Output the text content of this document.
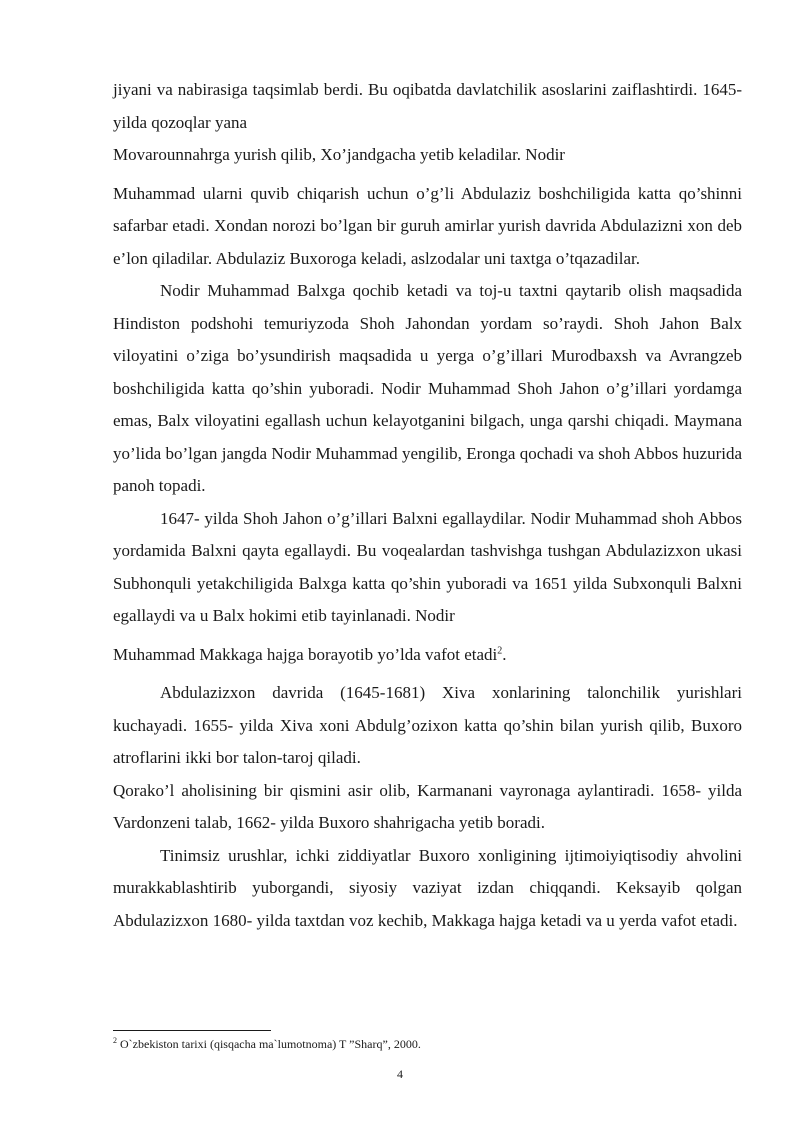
jiyani va nabirasiga taqsimlab berdi. Bu oqibatda davlatchilik asoslarini zaiflashtirdi. 1645- yilda qozoqlar yana

Movarounnahrga yurish qilib, Xo’jandgacha yetib keladilar. Nodir

Muhammad ularni quvib chiqarish uchun o’g’li Abdulaziz boshchiligida katta qo’shinni safarbar etadi. Xondan norozi bo’lgan bir guruh amirlar yurish davrida Abdulazizni xon deb e’lon qiladilar. Abdulaziz Buxoroga keladi, aslzodalar uni taxtga o’tqazadilar.

Nodir Muhammad Balxga qochib ketadi va toj-u taxtni qaytarib olish maqsadida Hindiston podshohi temuriyzoda Shoh Jahondan yordam so’raydi. Shoh Jahon Balx viloyatini o’ziga bo’ysundirish maqsadida u yerga o’g’illari Murodbaxsh va Avrangzeb boshchiligida katta qo’shin yuboradi. Nodir Muhammad Shoh Jahon o’g’illari yordamga emas, Balx viloyatini egallash uchun kelayotganini bilgach, unga qarshi chiqadi. Maymana yo’lida bo’lgan jangda Nodir Muhammad yengilib, Eronga qochadi va shoh Abbos huzurida panoh topadi.

1647- yilda Shoh Jahon o’g’illari Balxni egallaydilar. Nodir Muhammad shoh Abbos yordamida Balxni qayta egallaydi. Bu voqealardan tashvishga tushgan Abdulazizxon ukasi Subhonquli yetakchiligida Balxga katta qo’shin yuboradi va 1651 yilda Subxonquli Balxni egallaydi va u Balx hokimi etib tayinlanadi. Nodir

Muhammad Makkaga hajga borayotib yo’lda vafot etadi$^2$.

Abdulazizxon davrida (1645-1681) Xiva xonlarining talonchilik yurishlari kuchayadi. 1655- yilda Xiva xoni Abdulg’ozixon katta qo’shin bilan yurish qilib, Buxoro atroflarini ikki bor talon-taroj qiladi.

Qorako’l aholisining bir qismini asir olib, Karmanani vayronaga aylantiradi. 1658- yilda Vardonzeni talab, 1662- yilda Buxoro shahrigacha yetib boradi.

Tinimsiz urushlar, ichki ziddiyatlar Buxoro xonligining ijtimoiyiqtisodiy ahvolini murakkablashtirib yuborgandi, siyosiy vaziyat izdan chiqqandi. Keksayib qolgan Abdulazizxon 1680- yilda taxtdan voz kechib, Makkaga hajga ketadi va u yerda vafot etadi.

$^2$ O`zbekiston tarixi (qisqacha ma`lumotnoma) T ”Sharq”, 2000.
4
